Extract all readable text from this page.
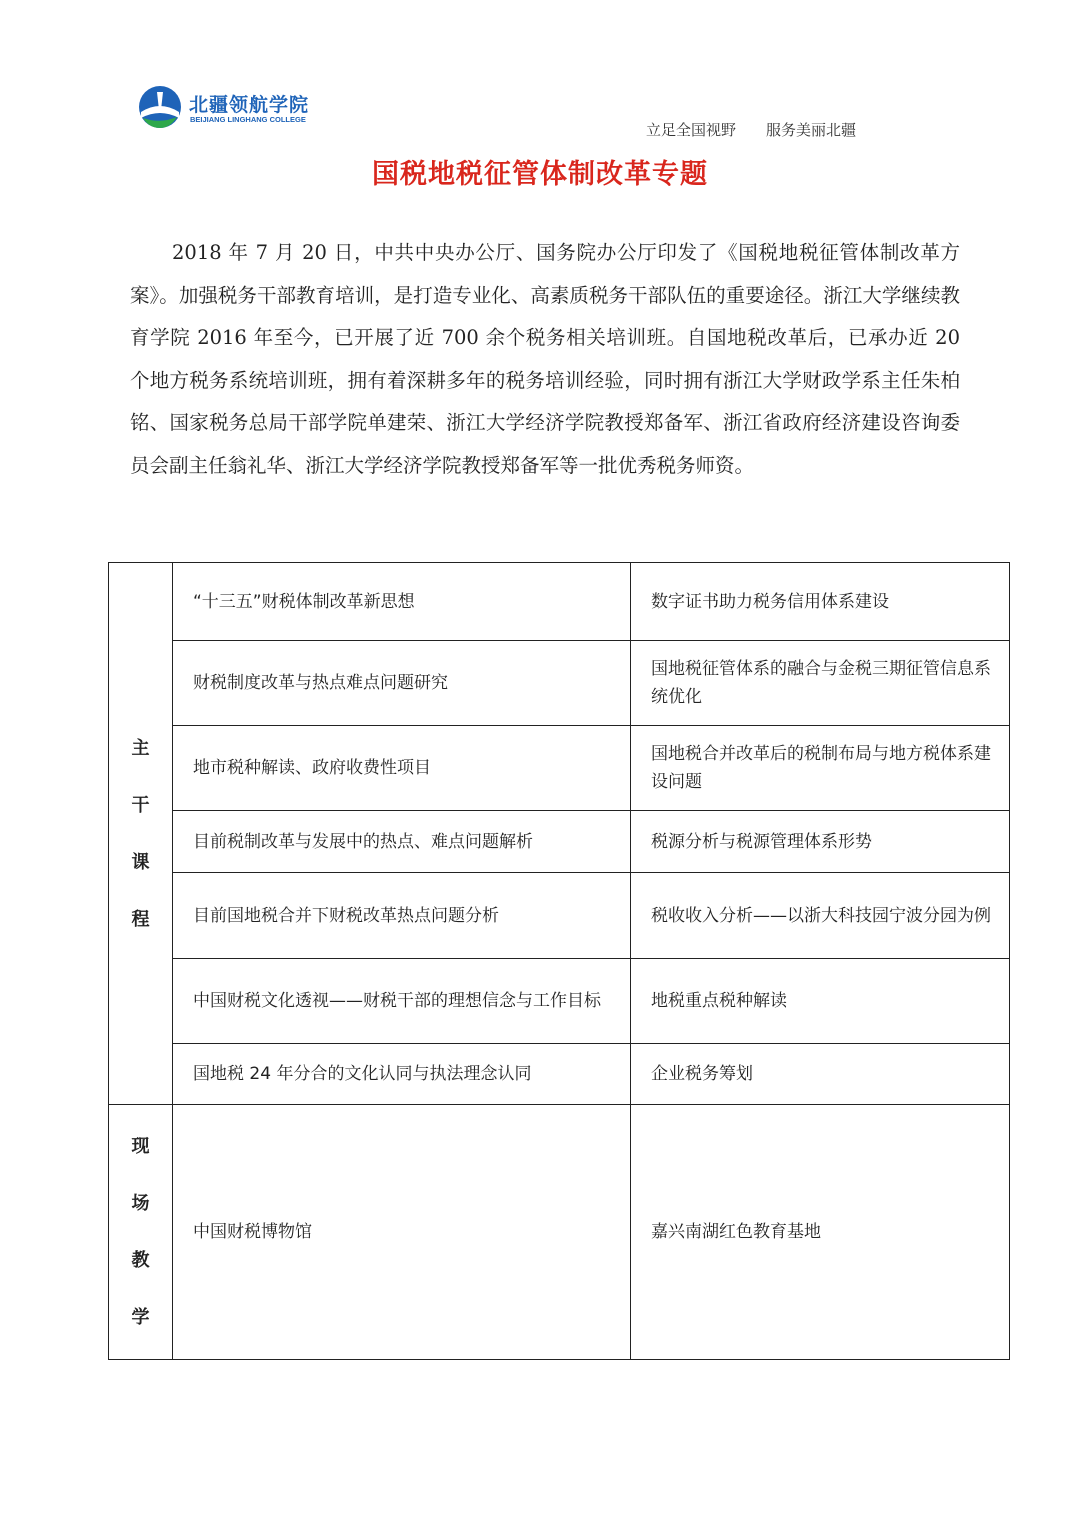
北疆领航学院
BEIJIANG LINGHANG COLLEGE
立足全国视野 服务美丽北疆
国税地税征管体制改革专题

2018 年 7 月 20 日，中共中央办公厅、国务院办公厅印发了《国税地税征管体制改革方案》。加强税务干部教育培训，是打造专业化、高素质税务干部队伍的重要途径。浙江大学继续教育学院 2016 年至今，已开展了近 700 余个税务相关培训班。自国地税改革后，已承办近 20 个地方税务系统培训班，拥有着深耕多年的税务培训经验，同时拥有浙江大学财政学系主任朱柏铭、国家税务总局干部学院单建荣、浙江大学经济学院教授郑备军、浙江省政府经济建设咨询委员会副主任翁礼华、浙江大学经济学院教授郑备军等一批优秀税务师资。

主干课程	“十三五”财税体制改革新思想	数字证书助力税务信用体系建设
	财税制度改革与热点难点问题研究	国地税征管体系的融合与金税三期征管信息系统优化
	地市税种解读、政府收费性项目	国地税合并改革后的税制布局与地方税体系建设问题
	目前税制改革与发展中的热点、难点问题解析	税源分析与税源管理体系形势
	目前国地税合并下财税改革热点问题分析	税收收入分析——以浙大科技园宁波分园为例
	中国财税文化透视——财税干部的理想信念与工作目标	地税重点税种解读
	国地税 24 年分合的文化认同与执法理念认同	企业税务筹划
现场教学	中国财税博物馆	嘉兴南湖红色教育基地
